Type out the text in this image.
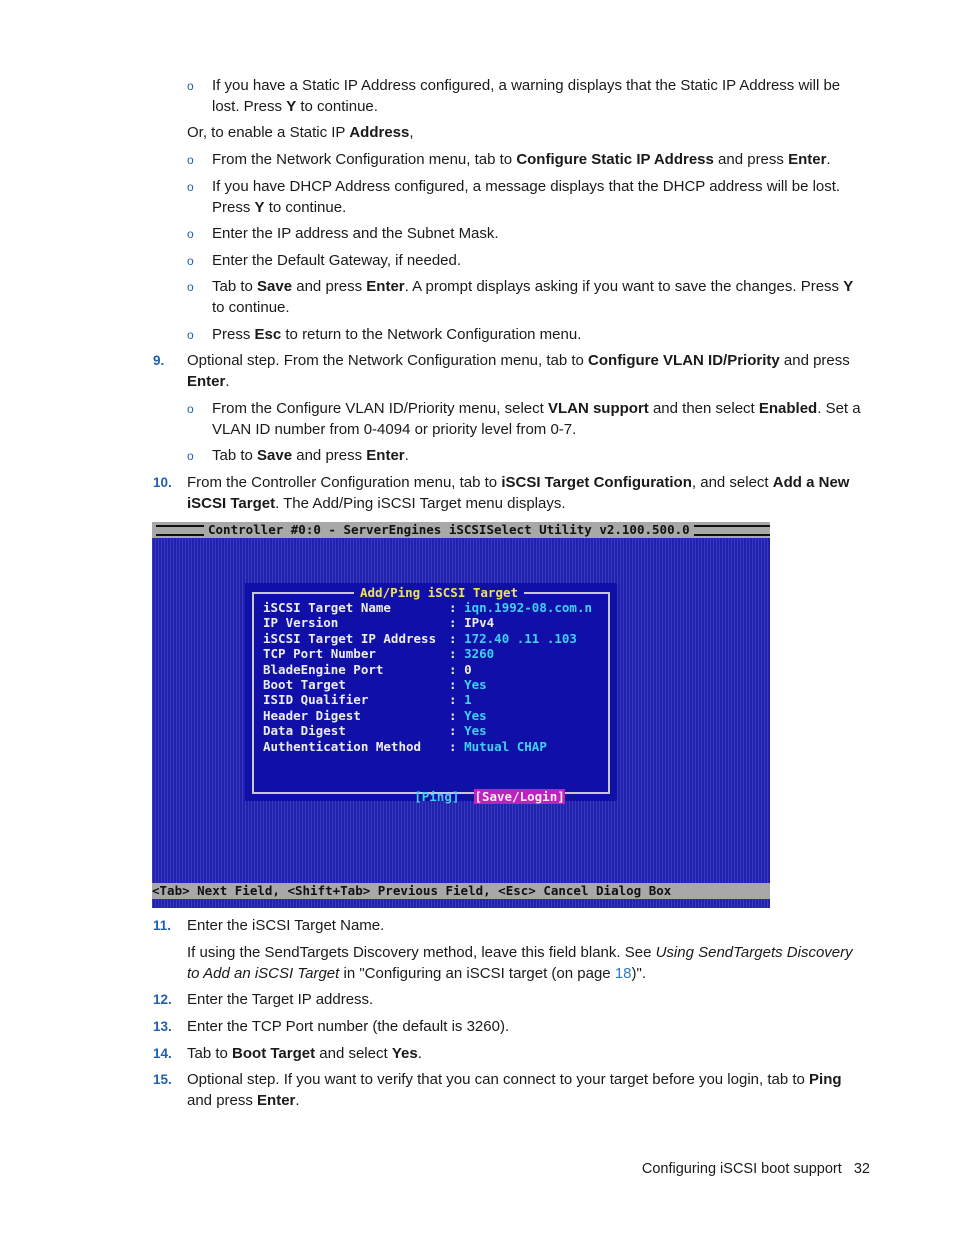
o If you have a Static IP Address configured, a warning displays that the Static IP Address will be lost. Press Y to continue.
Or, to enable a Static IP Address,
o From the Network Configuration menu, tab to Configure Static IP Address and press Enter.
o If you have DHCP Address configured, a message displays that the DHCP address will be lost. Press Y to continue.
o Enter the IP address and the Subnet Mask.
o Enter the Default Gateway, if needed.
o Tab to Save and press Enter. A prompt displays asking if you want to save the changes. Press Y to continue.
o Press Esc to return to the Network Configuration menu.
9. Optional step. From the Network Configuration menu, tab to Configure VLAN ID/Priority and press Enter.
o From the Configure VLAN ID/Priority menu, select VLAN support and then select Enabled. Set a VLAN ID number from 0-4094 or priority level from 0-7.
o Tab to Save and press Enter.
10. From the Controller Configuration menu, tab to iSCSI Target Configuration, and select Add a New iSCSI Target. The Add/Ping iSCSI Target menu displays.
Controller #0:0 - ServerEngines iSCSISelect Utility v2.100.500.0
Add/Ping iSCSI Target
iSCSI Target Name	: iqn.1992-08.com.n
IP Version	: IPv4
iSCSI Target IP Address : 172.40 .11 .103
TCP Port Number	: 3260
BladeEngine Port	: 0
Boot Target	: Yes
ISID Qualifier	: 1
Header Digest	: Yes
Data Digest	: Yes
Authentication Method : Mutual CHAP

[Ping] [Save/Login]

<Tab> Next Field, <Shift+Tab> Previous Field, <Esc> Cancel Dialog Box
11. Enter the iSCSI Target Name.
If using the SendTargets Discovery method, leave this field blank. See Using SendTargets Discovery to Add an iSCSI Target in "Configuring an iSCSI target (on page 18)".
12. Enter the Target IP address.
13. Enter the TCP Port number (the default is 3260).
14. Tab to Boot Target and select Yes.
15. Optional step. If you want to verify that you can connect to your target before you login, tab to Ping and press Enter.
Configuring iSCSI boot support 32
